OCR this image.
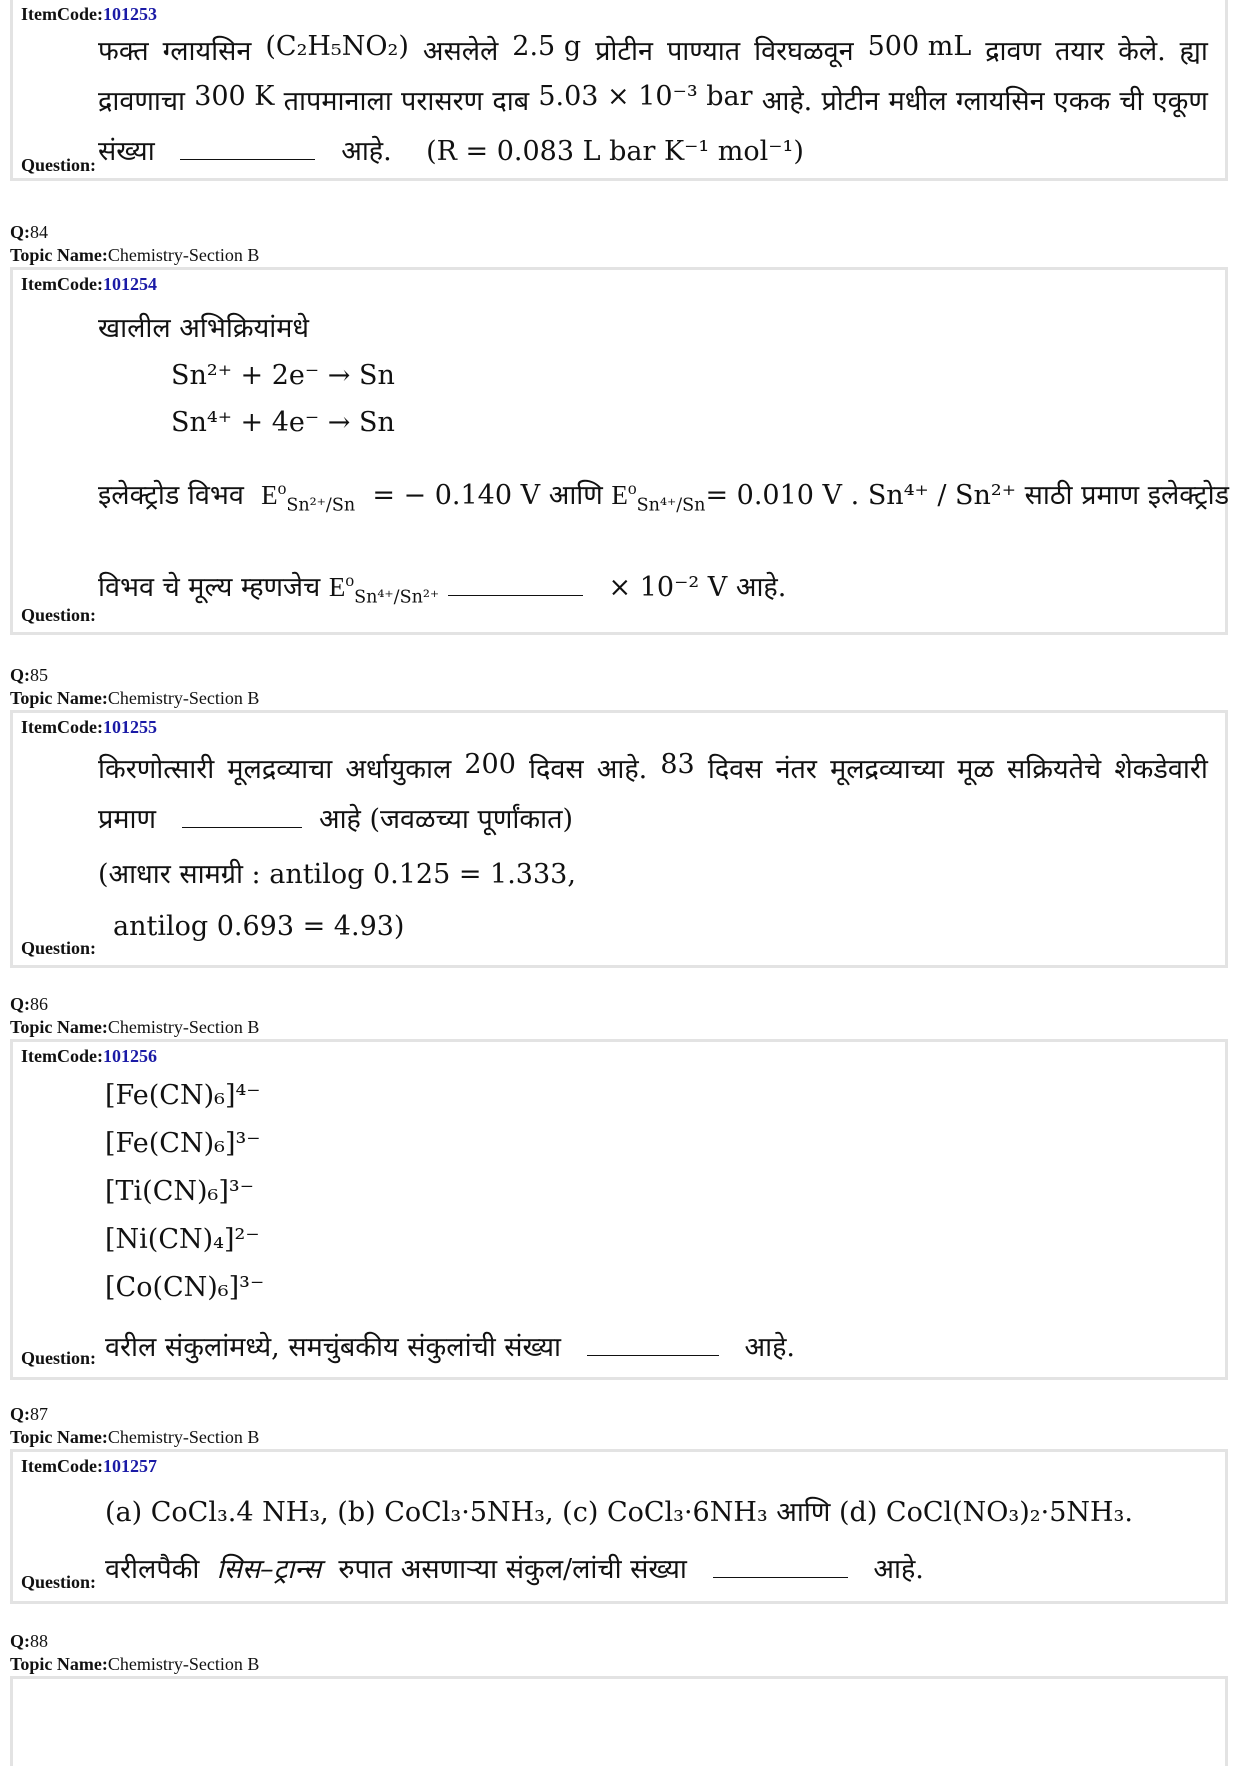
ItemCode:101253
फक्त ग्लायसिन (C₂H₅NO₂) असलेले 2.5 g प्रोटीन पाण्यात विरघळवून 500 mL द्रावण तयार केले. ह्या
द्रावणाचा 300 K तापमानाला परासरण दाब 5.03 × 10⁻³ bar आहे. प्रोटीन मधील ग्लायसिन एकक ची एकूण
संख्या	आहे. (R = 0.083 L bar K⁻¹ mol⁻¹)
Question:
Q:84
Topic Name:Chemistry-Section B
ItemCode:101254
खालील अभिक्रियांमधे
Sn²⁺ + 2e⁻ → Sn
Sn⁴⁺ + 4e⁻ → Sn
इलेक्ट्रोड विभव $E^o_{Sn^{2+}/Sn}$ = − 0.140 V आणि $E^o_{Sn^{4+}/Sn}= 0.010$ V . Sn⁴⁺ / Sn²⁺ साठी प्रमाण इलेक्ट्रोड
विभव चे मूल्य म्हणजेच $E^o_{Sn^{4+}/Sn^{2+}}$	× 10⁻² V आहे.
Question:
Q:85
Topic Name:Chemistry-Section B
ItemCode:101255
किरणोत्सारी मूलद्रव्याचा अर्धायुकाल 200 दिवस आहे. 83 दिवस नंतर मूलद्रव्याच्या मूळ सक्रियतेचे शेकडेवारी
प्रमाण	आहे (जवळच्या पूर्णांकात)
(आधार सामग्री : antilog 0.125 = 1.333,
antilog 0.693 = 4.93)
Question:
Q:86
Topic Name:Chemistry-Section B
ItemCode:101256
[Fe(CN)₆]⁴⁻
[Fe(CN)₆]³⁻
[Ti(CN)₆]³⁻
[Ni(CN)₄]²⁻
[Co(CN)₆]³⁻
वरील संकुलांमध्ये, समचुंबकीय संकुलांची संख्या	आहे.
Question:
Q:87
Topic Name:Chemistry-Section B
ItemCode:101257
(a) CoCl₃.4 NH₃, (b) CoCl₃·5NH₃, (c) CoCl₃·6NH₃ आणि (d) CoCl(NO₃)₂·5NH₃.
वरीलपैकी सिस–ट्रान्स रुपात असणाऱ्या संकुल/लांची संख्या	आहे.
Question:
Q:88
Topic Name:Chemistry-Section B
